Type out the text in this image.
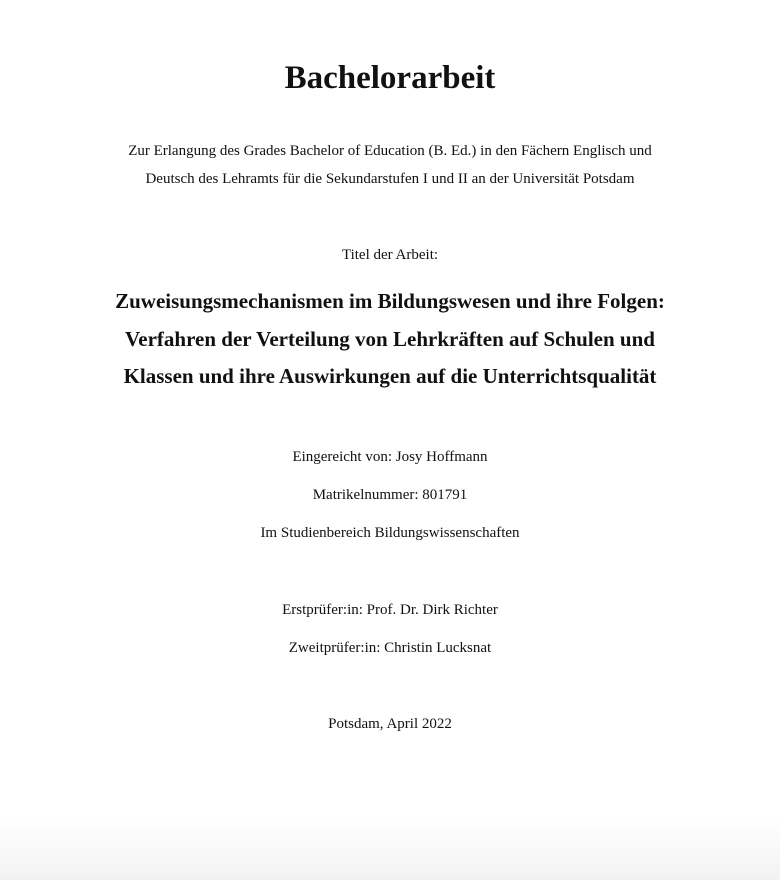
Bachelorarbeit

Zur Erlangung des Grades Bachelor of Education (B. Ed.) in den Fächern Englisch und
Deutsch des Lehramts für die Sekundarstufen I und II an der Universität Potsdam

Titel der Arbeit:

Zuweisungsmechanismen im Bildungswesen und ihre Folgen:
Verfahren der Verteilung von Lehrkräften auf Schulen und
Klassen und ihre Auswirkungen auf die Unterrichtsqualität

Eingereicht von: Josy Hoffmann

Matrikelnummer: 801791

Im Studienbereich Bildungswissenschaften

Erstprüfer:in: Prof. Dr. Dirk Richter

Zweitprüfer:in: Christin Lucksnat

Potsdam, April 2022
